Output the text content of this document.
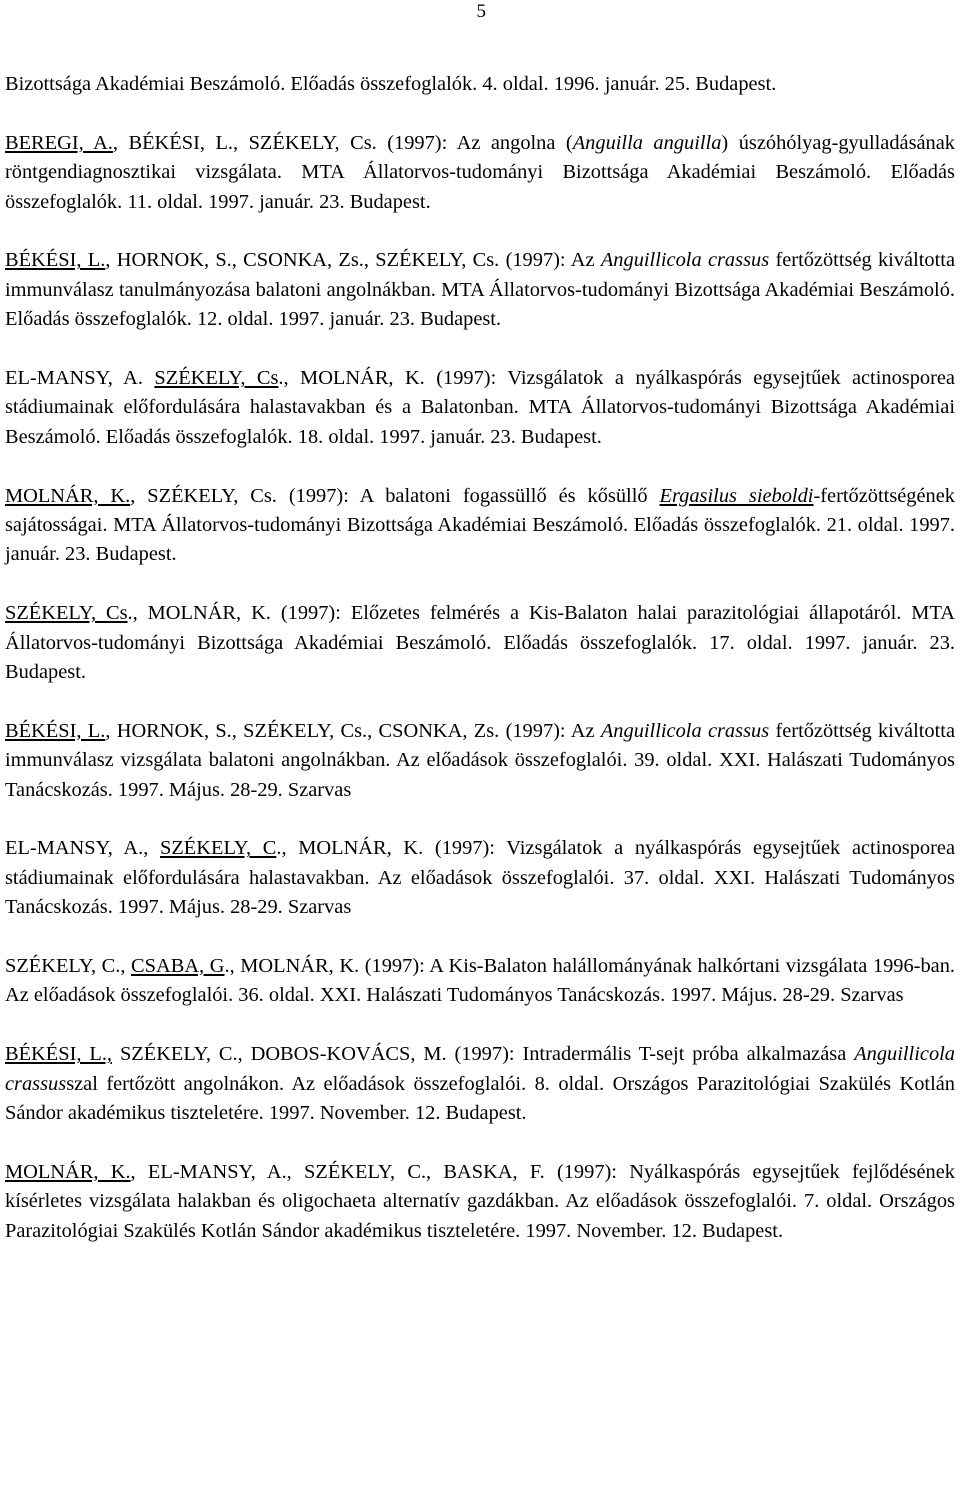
5

Bizottsága Akadémiai Beszámoló. Előadás összefoglalók. 4. oldal. 1996. január. 25. Budapest.

BEREGI, A., BÉKÉSI, L., SZÉKELY, Cs. (1997): Az angolna (Anguilla anguilla) úszóhólyag-gyulladásának röntgendiagnosztikai vizsgálata. MTA Állatorvos-tudományi Bizottsága Akadémiai Beszámoló. Előadás összefoglalók. 11. oldal. 1997. január. 23. Budapest.

BÉKÉSI, L., HORNOK, S., CSONKA, Zs., SZÉKELY, Cs. (1997): Az Anguillicola crassus fertőzöttség kiváltotta immunválasz tanulmányozása balatoni angolnákban. MTA Állatorvos-tudományi Bizottsága Akadémiai Beszámoló. Előadás összefoglalók. 12. oldal. 1997. január. 23. Budapest.

EL-MANSY, A. SZÉKELY, Cs., MOLNÁR, K. (1997): Vizsgálatok a nyálkaspórás egysejtűek actinosporea stádiumainak előfordulására halastavakban és a Balatonban. MTA Állatorvos-tudományi Bizottsága Akadémiai Beszámoló. Előadás összefoglalók. 18. oldal. 1997. január. 23. Budapest.

MOLNÁR, K., SZÉKELY, Cs. (1997): A balatoni fogassüllő és kősüllő Ergasilus sieboldi-fertőzöttségének sajátosságai. MTA Állatorvos-tudományi Bizottsága Akadémiai Beszámoló. Előadás összefoglalók. 21. oldal. 1997. január. 23. Budapest.

SZÉKELY, Cs., MOLNÁR, K. (1997): Előzetes felmérés a Kis-Balaton halai parazitológiai állapotáról. MTA Állatorvos-tudományi Bizottsága Akadémiai Beszámoló. Előadás összefoglalók. 17. oldal. 1997. január. 23. Budapest.

BÉKÉSI, L., HORNOK, S., SZÉKELY, Cs., CSONKA, Zs. (1997): Az Anguillicola crassus fertőzöttség kiváltotta immunválasz vizsgálata balatoni angolnákban. Az előadások összefoglalói. 39. oldal. XXI. Halászati Tudományos Tanácskozás. 1997. Május. 28-29. Szarvas

EL-MANSY, A., SZÉKELY, C., MOLNÁR, K. (1997): Vizsgálatok a nyálkaspórás egysejtűek actinosporea stádiumainak előfordulására halastavakban. Az előadások összefoglalói. 37. oldal. XXI. Halászati Tudományos Tanácskozás. 1997. Május. 28-29. Szarvas

SZÉKELY, C., CSABA, G., MOLNÁR, K. (1997): A Kis-Balaton halállományának halkórtani vizsgálata 1996-ban. Az előadások összefoglalói. 36. oldal. XXI. Halászati Tudományos Tanácskozás. 1997. Május. 28-29. Szarvas

BÉKÉSI, L., SZÉKELY, C., DOBOS-KOVÁCS, M. (1997): Intradermális T-sejt próba alkalmazása Anguillicola crassusszal fertőzött angolnákon. Az előadások összefoglalói. 8. oldal. Országos Parazitológiai Szakülés Kotlán Sándor akadémikus tiszteletére. 1997. November. 12. Budapest.

MOLNÁR, K., EL-MANSY, A., SZÉKELY, C., BASKA, F. (1997): Nyálkaspórás egysejtűek fejlődésének kísérletes vizsgálata halakban és oligochaeta alternatív gazdákban. Az előadások összefoglalói. 7. oldal. Országos Parazitológiai Szakülés Kotlán Sándor akadémikus tiszteletére. 1997. November. 12. Budapest.
